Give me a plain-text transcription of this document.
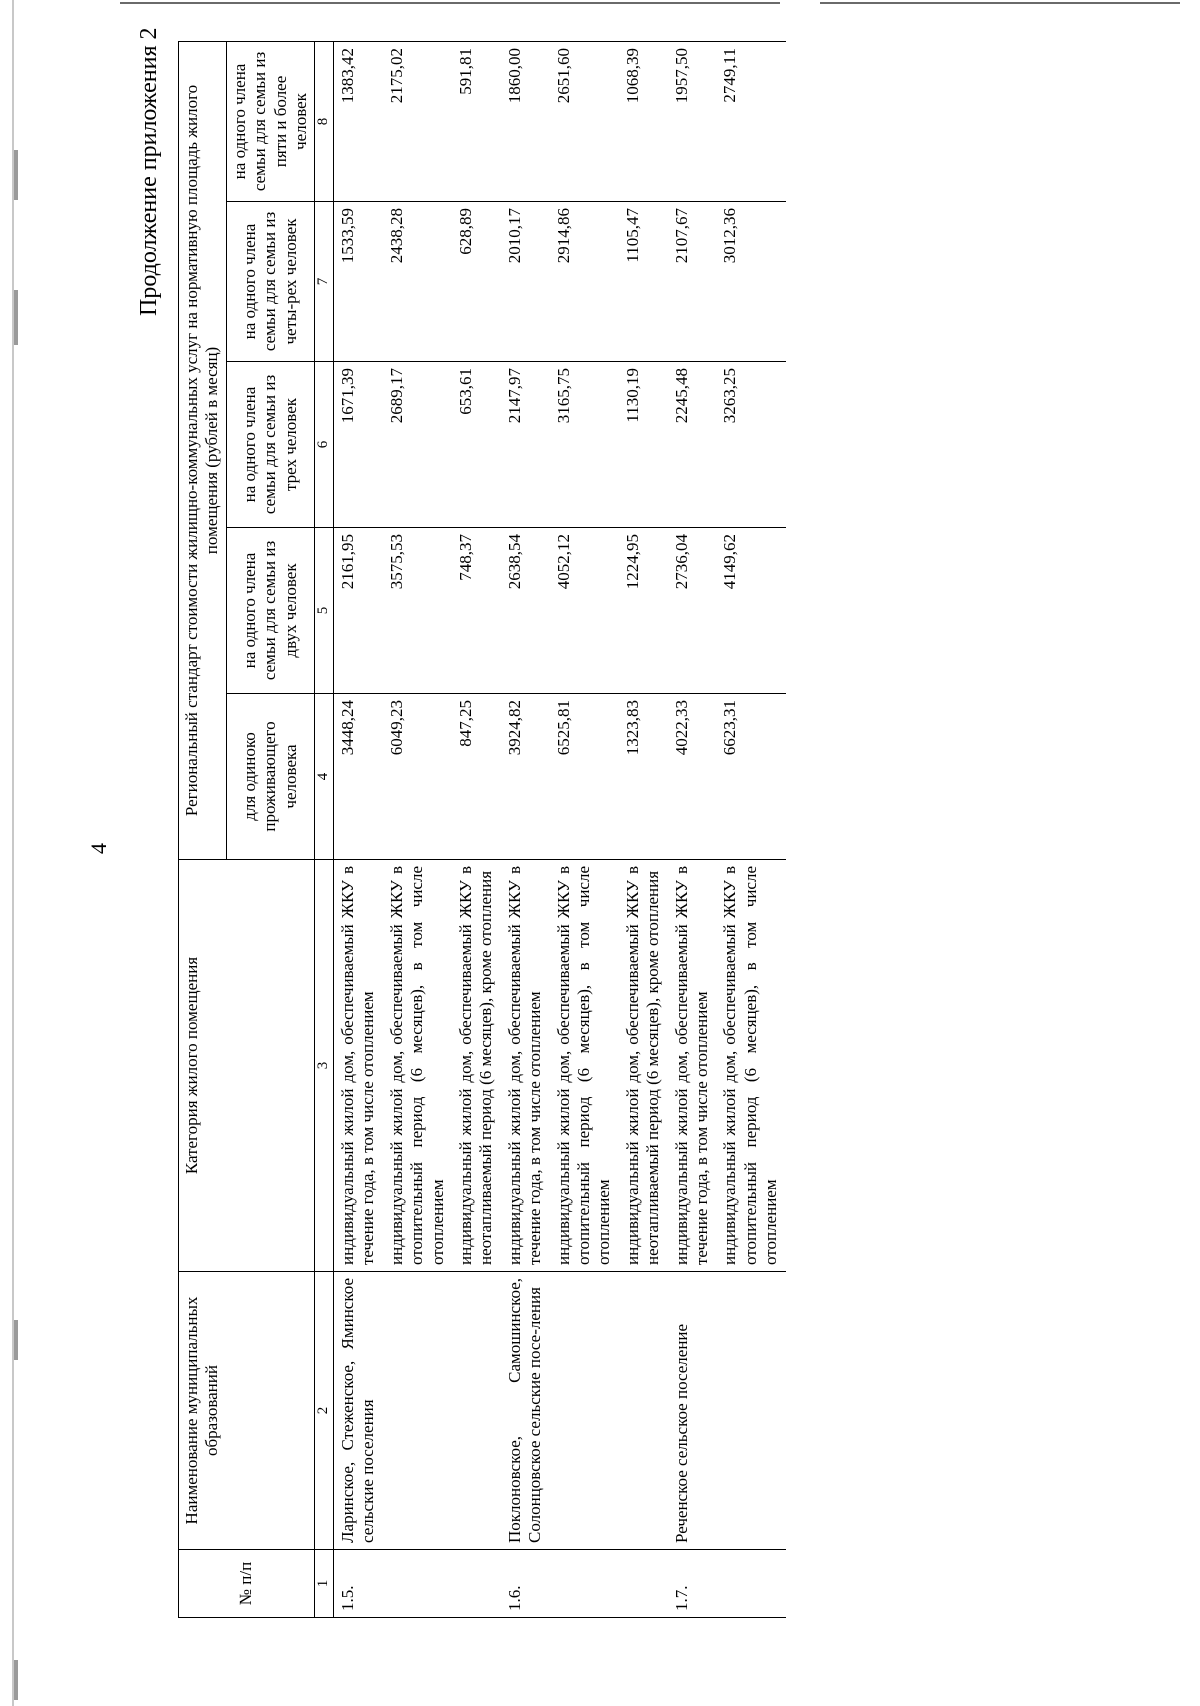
4
Продолжение приложения 2
№ п/п	Наименование муниципальных образований	Категория жилого помещения	Региональный стандарт стоимости жилищно-коммунальных услуг на нормативную площадь жилого помещения (рублей в месяц)				
			для одиноко проживающего человека	на одного члена семьи для семьи из двух человек	на одного члена семьи для семьи из трех человек	на одного члена семьи для семьи из четы-рех человек	на одного члена семьи для семьи из пяти и более человек
1	2	3	4	5	6	7	8
1.5.	Ларинское, Стеженское, Яминское сельские поселения	индивидуальный жилой дом, обеспечиваемый ЖКУ в течение года, в том числе отоплением	3448,24	2161,95	1671,39	1533,59	1383,42
		индивидуальный жилой дом, обеспечиваемый ЖКУ в отопительный период (6 месяцев), в том числе отоплением	6049,23	3575,53	2689,17	2438,28	2175,02
		индивидуальный жилой дом, обеспечиваемый ЖКУ в неотапливаемый период (6 месяцев), кроме отопления	847,25	748,37	653,61	628,89	591,81
1.6.	Поклоновское, Самошинское, Солонцовское сельские посе-ления	индивидуальный жилой дом, обеспечиваемый ЖКУ в течение года, в том числе отоплением	3924,82	2638,54	2147,97	2010,17	1860,00
		индивидуальный жилой дом, обеспечиваемый ЖКУ в отопительный период (6 месяцев), в том числе отоплением	6525,81	4052,12	3165,75	2914,86	2651,60
		индивидуальный жилой дом, обеспечиваемый ЖКУ в неотапливаемый период (6 месяцев), кроме отопления	1323,83	1224,95	1130,19	1105,47	1068,39
1.7.	Реченское сельское поселение	индивидуальный жилой дом, обеспечиваемый ЖКУ в течение года, в том числе отоплением	4022,33	2736,04	2245,48	2107,67	1957,50
		индивидуальный жилой дом, обеспечиваемый ЖКУ в отопительный период (6 месяцев), в том числе отоплением	6623,31	4149,62	3263,25	3012,36	2749,11
